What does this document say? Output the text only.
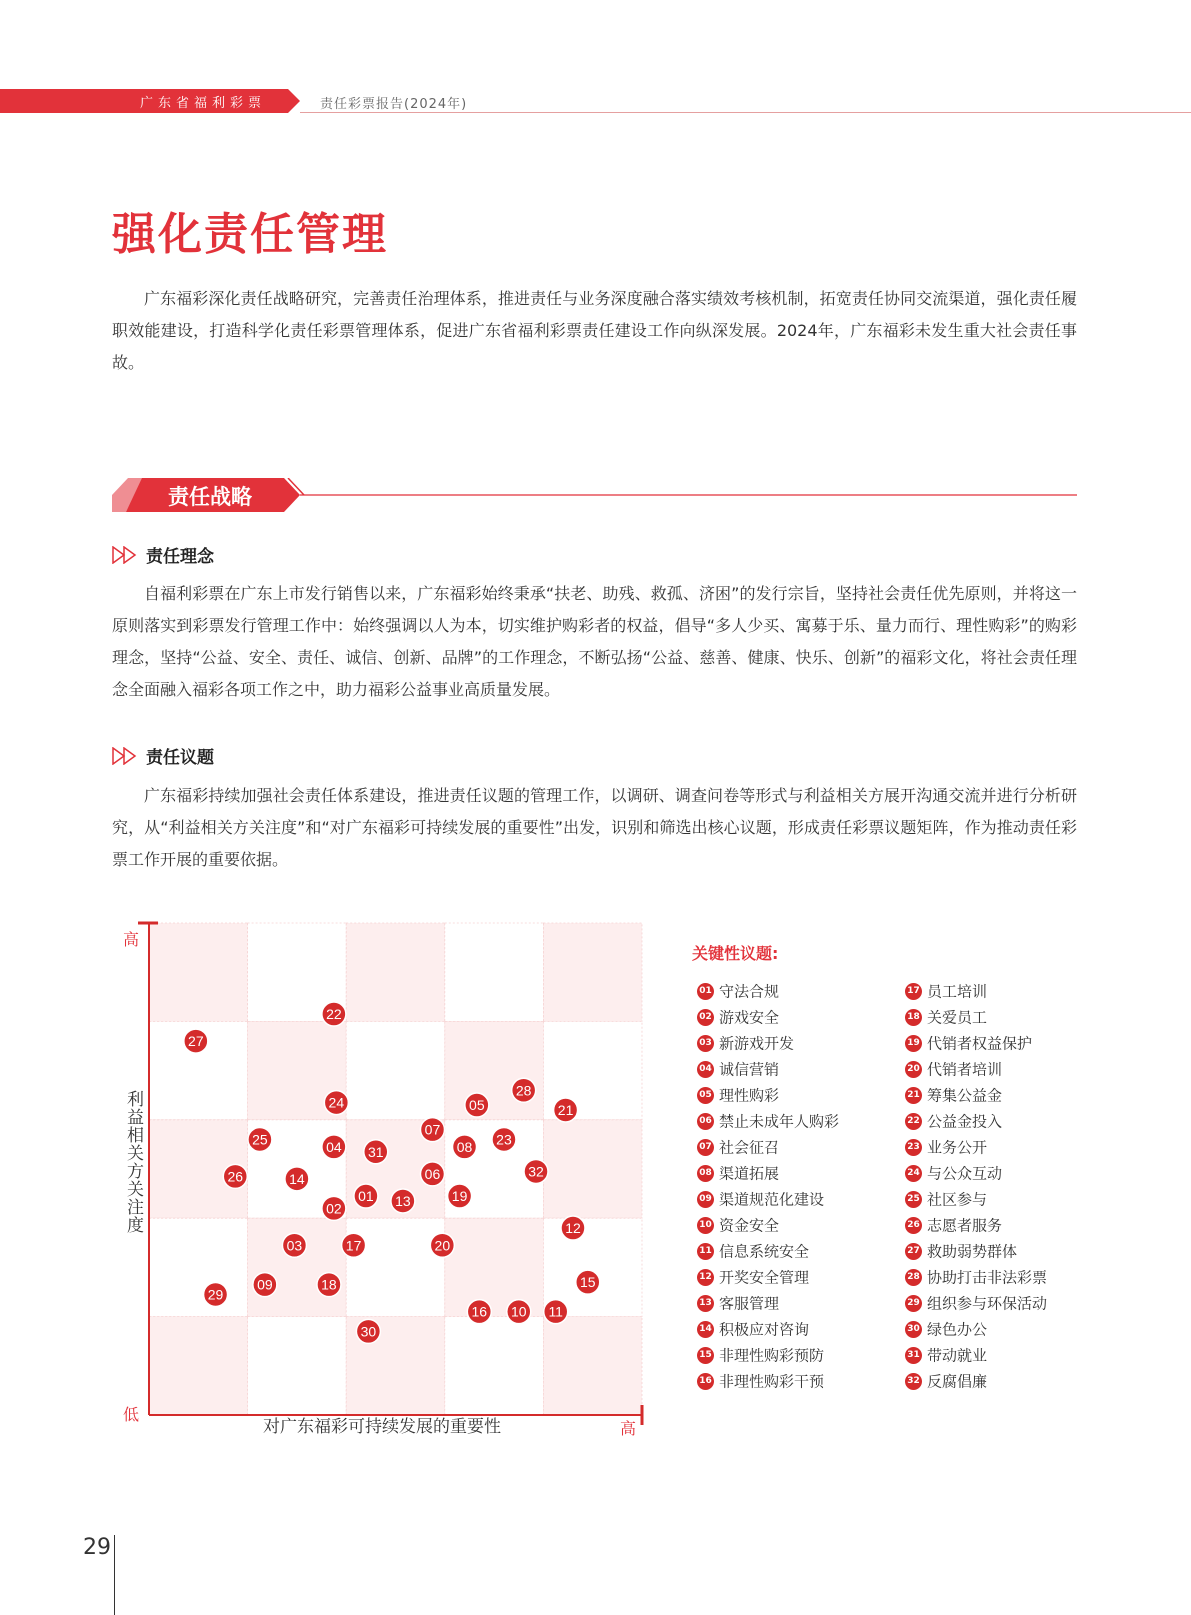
广东省福利彩票	责任彩票报告(2024年)
强化责任管理
广东福彩深化责任战略研究，完善责任治理体系，推进责任与业务深度融合落实绩效考核机制，拓宽责任协同交流渠道，强化责任履职效能建设，打造科学化责任彩票管理体系，促进广东省福利彩票责任建设工作向纵深发展。2024年，广东福彩未发生重大社会责任事故。
责任战略
责任理念
自福利彩票在广东上市发行销售以来，广东福彩始终秉承“扶老、助残、救孤、济困”的发行宗旨，坚持社会责任优先原则，并将这一原则落实到彩票发行管理工作中：始终强调以人为本，切实维护购彩者的权益，倡导“多人少买、寓募于乐、量力而行、理性购彩”的购彩理念，坚持“公益、安全、责任、诚信、创新、品牌”的工作理念，不断弘扬“公益、慈善、健康、快乐、创新”的福彩文化，将社会责任理念全面融入福彩各项工作之中，助力福彩公益事业高质量发展。
责任议题
广东福彩持续加强社会责任体系建设，推进责任议题的管理工作，以调研、调查问卷等形式与利益相关方展开沟通交流并进行分析研究，从“利益相关方关注度”和“对广东福彩可持续发展的重要性”出发，识别和筛选出核心议题，形成责任彩票议题矩阵，作为推动责任彩票工作开展的重要依据。
高
低
高
对广东福彩可持续发展的重要性
利益相关方关注度
01
02
03
04
05
06
07
08
09
10 11
12
13
14
15
16
17
18
19
20
21
22
23
24
25
26
27
28
29
30
31
32
关键性议题:
01 守法合规
02 游戏安全
03 新游戏开发
04 诚信营销
05 理性购彩
06 禁止未成年人购彩
07 社会征召
08 渠道拓展
09 渠道规范化建设
10 资金安全
11 信息系统安全
12 开奖安全管理
13 客服管理
14 积极应对咨询
15 非理性购彩预防
16 非理性购彩干预
17 员工培训
18 关爱员工
19 代销者权益保护
20 代销者培训
21 筹集公益金
22 公益金投入
23 业务公开
24 与公众互动
25 社区参与
26 志愿者服务
27 救助弱势群体
28 协助打击非法彩票
29 组织参与环保活动
30 绿色办公
31 带动就业
32 反腐倡廉
29
